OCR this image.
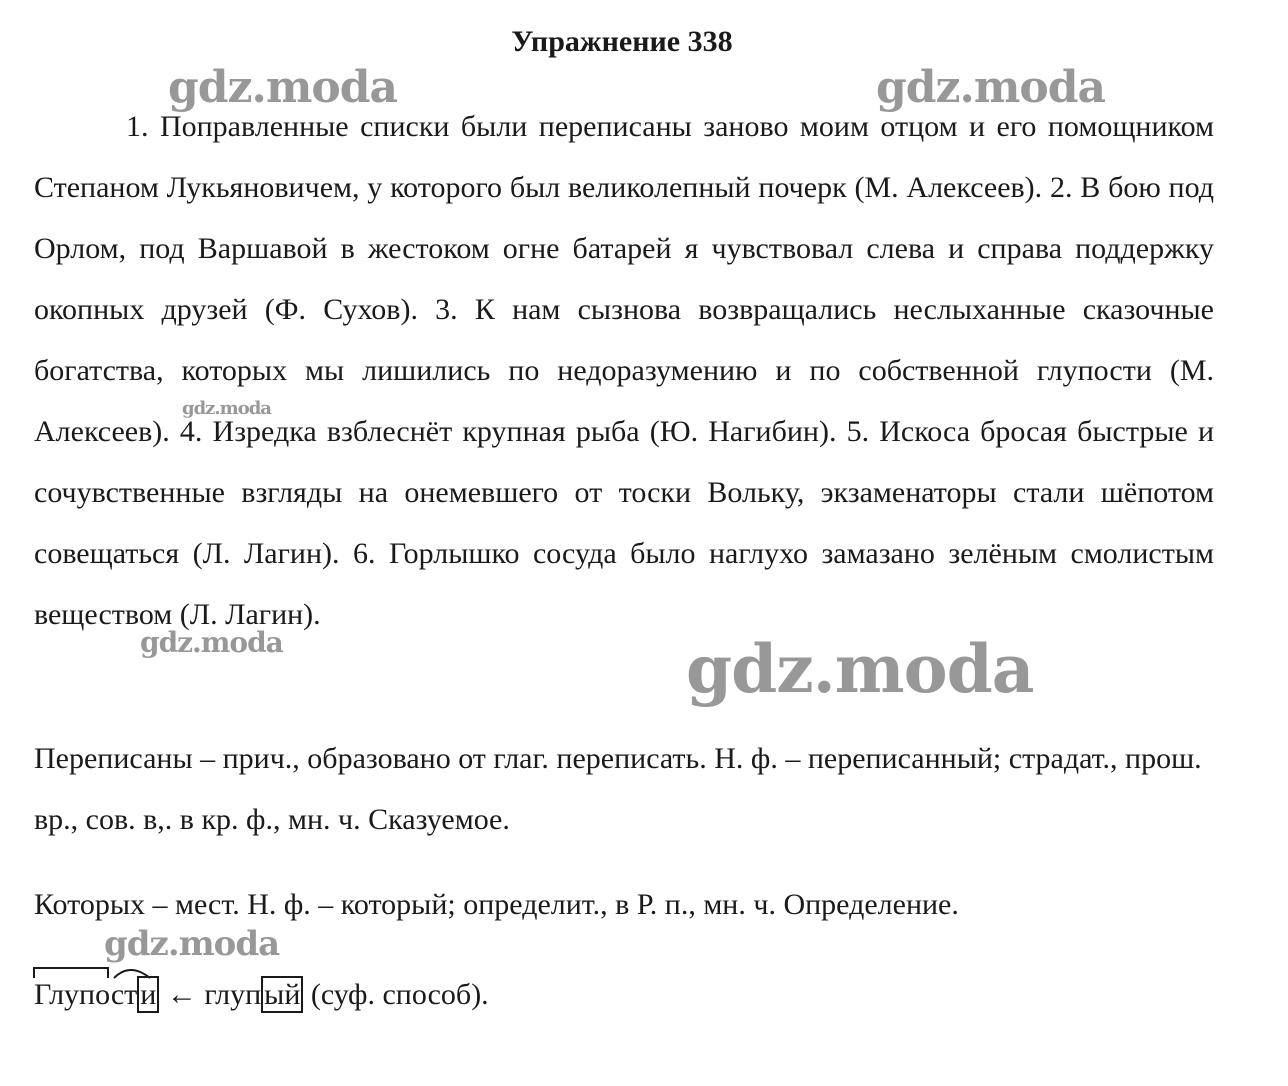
Упражнение 338

1. Поправленные списки были переписаны заново моим отцом и его помощником Степаном Лукьяновичем, у которого был великолепный почерк (М. Алексеев). 2. В бою под Орлом, под Варшавой в жестоком огне батарей я чувствовал слева и справа поддержку окопных друзей (Ф. Сухов). 3. К нам сызнова возвращались неслыханные сказочные богатства, которых мы лишились по недоразумению и по собственной глупости (М. Алексеев). 4. Изредка взблеснёт крупная рыба (Ю. Нагибин). 5. Искоса бросая быстрые и сочувственные взгляды на онемевшего от тоски Вольку, экзаменаторы стали шёпотом совещаться (Л. Лагин). 6. Горлышко сосуда было наглухо замазано зелёным смолистым веществом (Л. Лагин).

Переписаны – прич., образовано от глаг. переписать. Н. ф. – переписанный; страдат., прош. вр., сов. в,. в кр. ф., мн. ч. Сказуемое.

Которых – мест. Н. ф. – который; определит., в Р. п., мн. ч. Определение.

Глупост и ← глуп ый (суф. способ).

gdz.moda	gdz.moda
gdz.moda
gdz.moda	gdz.moda
gdz.moda
